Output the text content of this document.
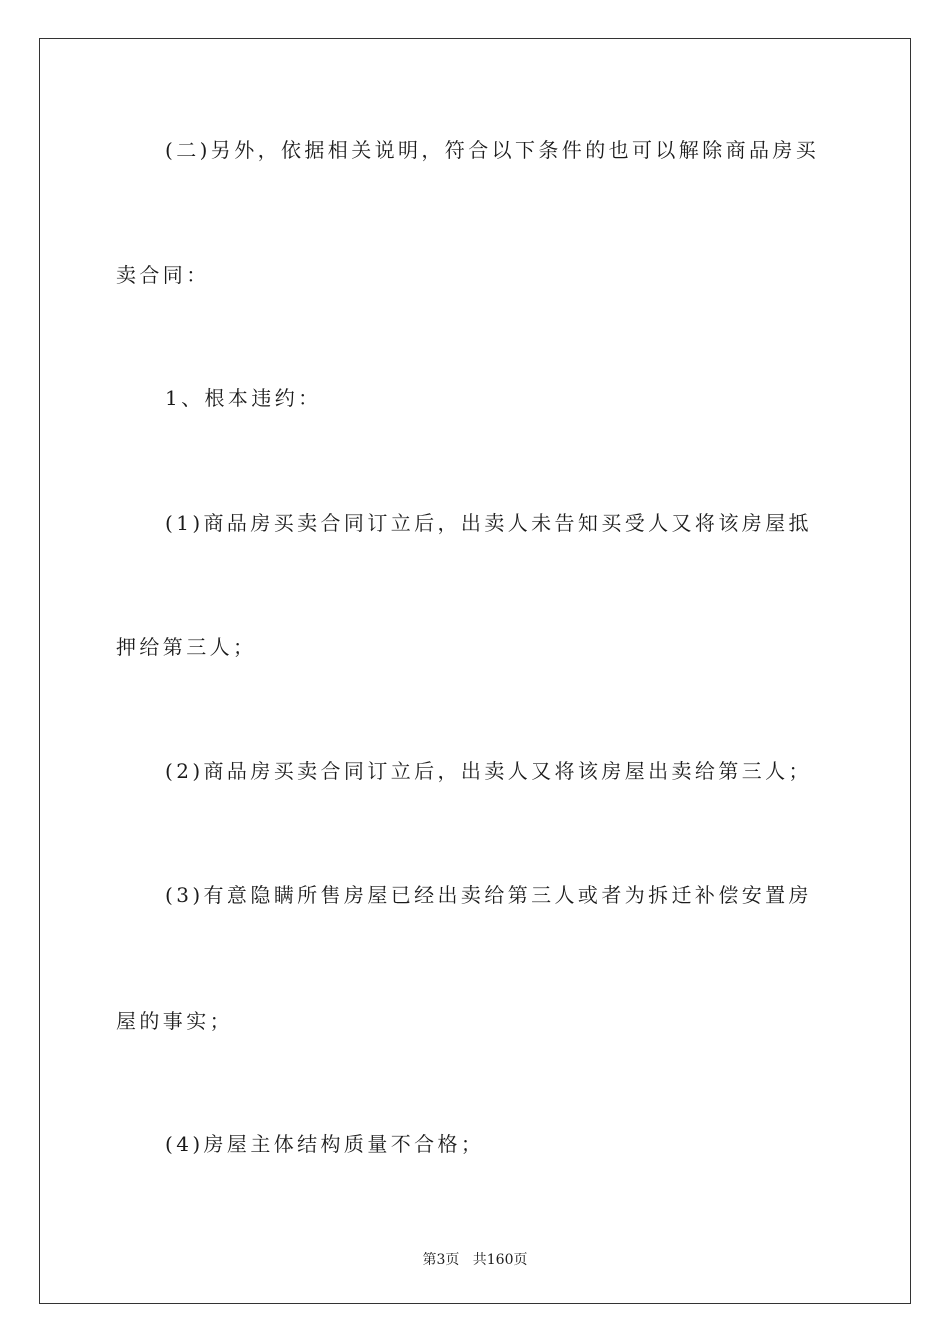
(二)另外，依据相关说明，符合以下条件的也可以解除商品房买
卖合同：
1、根本违约：
(1)商品房买卖合同订立后，出卖人未告知买受人又将该房屋抵
押给第三人；
(2)商品房买卖合同订立后，出卖人又将该房屋出卖给第三人；
(3)有意隐瞒所售房屋已经出卖给第三人或者为拆迁补偿安置房
屋的事实；
(4)房屋主体结构质量不合格；
第3页   共160页
